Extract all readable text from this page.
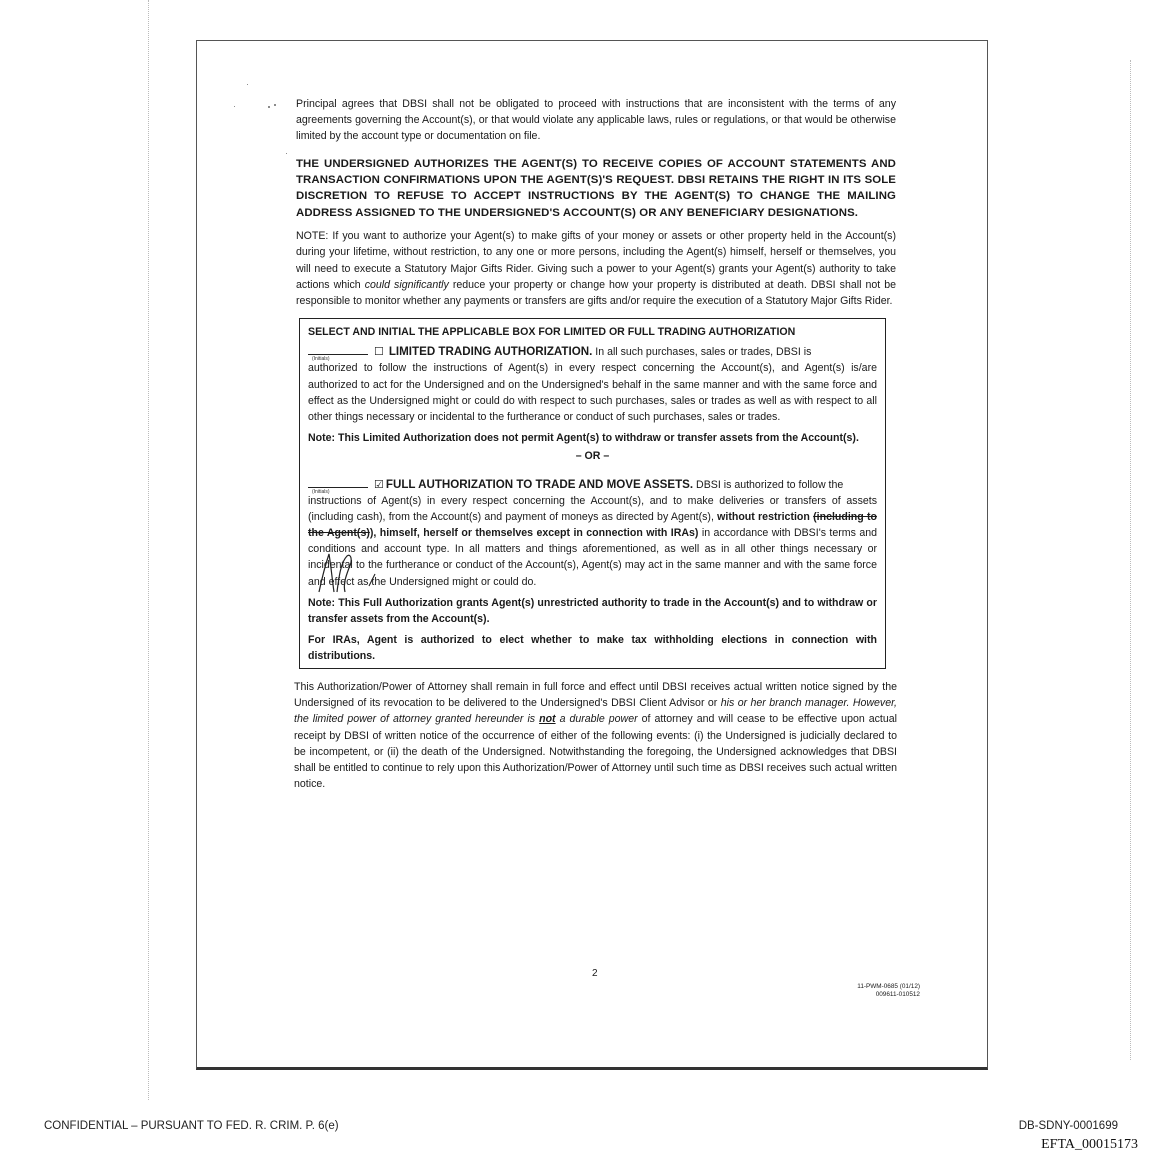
Principal agrees that DBSI shall not be obligated to proceed with instructions that are inconsistent with the terms of any agreements governing the Account(s), or that would violate any applicable laws, rules or regulations, or that would be otherwise limited by the account type or documentation on file.

THE UNDERSIGNED AUTHORIZES THE AGENT(S) TO RECEIVE COPIES OF ACCOUNT STATEMENTS AND TRANSACTION CONFIRMATIONS UPON THE AGENT(S)'S REQUEST. DBSI RETAINS THE RIGHT IN ITS SOLE DISCRETION TO REFUSE TO ACCEPT INSTRUCTIONS BY THE AGENT(S) TO CHANGE THE MAILING ADDRESS ASSIGNED TO THE UNDERSIGNED'S ACCOUNT(S) OR ANY BENEFICIARY DESIGNATIONS.

NOTE: If you want to authorize your Agent(s) to make gifts of your money or assets or other property held in the Account(s) during your lifetime, without restriction, to any one or more persons, including the Agent(s) himself, herself or themselves, you will need to execute a Statutory Major Gifts Rider. Giving such a power to your Agent(s) grants your Agent(s) authority to take actions which could significantly reduce your property or change how your property is distributed at death. DBSI shall not be responsible to monitor whether any payments or transfers are gifts and/or require the execution of a Statutory Major Gifts Rider.

SELECT AND INITIAL THE APPLICABLE BOX FOR LIMITED OR FULL TRADING AUTHORIZATION

(Initials)
☐ LIMITED TRADING AUTHORIZATION. In all such purchases, sales or trades, DBSI is

authorized to follow the instructions of Agent(s) in every respect concerning the Account(s), and Agent(s) is/are authorized to act for the Undersigned and on the Undersigned's behalf in the same manner and with the same force and effect as the Undersigned might or could do with respect to such purchases, sales or trades as well as with respect to all other things necessary or incidental to the furtherance or conduct of such purchases, sales or trades.

Note: This Limited Authorization does not permit Agent(s) to withdraw or transfer assets from the Account(s).

– OR –

(Initials)
☑ FULL AUTHORIZATION TO TRADE AND MOVE ASSETS. DBSI is authorized to follow the

instructions of Agent(s) in every respect concerning the Account(s), and to make deliveries or transfers of assets (including cash), from the Account(s) and payment of moneys as directed by Agent(s), without restriction (including to the Agent(s)), himself, herself or themselves except in connection with IRAs) in accordance with DBSI's terms and conditions and account type. In all matters and things aforementioned, as well as in all other things necessary or incidental to the furtherance or conduct of the Account(s), Agent(s) may act in the same manner and with the same force and effect as the Undersigned might or could do.

Note: This Full Authorization grants Agent(s) unrestricted authority to trade in the Account(s) and to withdraw or transfer assets from the Account(s).

For IRAs, Agent is authorized to elect whether to make tax withholding elections in connection with distributions.

This Authorization/Power of Attorney shall remain in full force and effect until DBSI receives actual written notice signed by the Undersigned of its revocation to be delivered to the Undersigned's DBSI Client Advisor or his or her branch manager. However, the limited power of attorney granted hereunder is not a durable power of attorney and will cease to be effective upon actual receipt by DBSI of written notice of the occurrence of either of the following events: (i) the Undersigned is judicially declared to be incompetent, or (ii) the death of the Undersigned. Notwithstanding the foregoing, the Undersigned acknowledges that DBSI shall be entitled to continue to rely upon this Authorization/Power of Attorney until such time as DBSI receives such actual written notice.

2
11-PWM-0685 (01/12)
009611-010512
CONFIDENTIAL – PURSUANT TO FED. R. CRIM. P. 6(e)	DB-SDNY-0001699
EFTA_00015173
